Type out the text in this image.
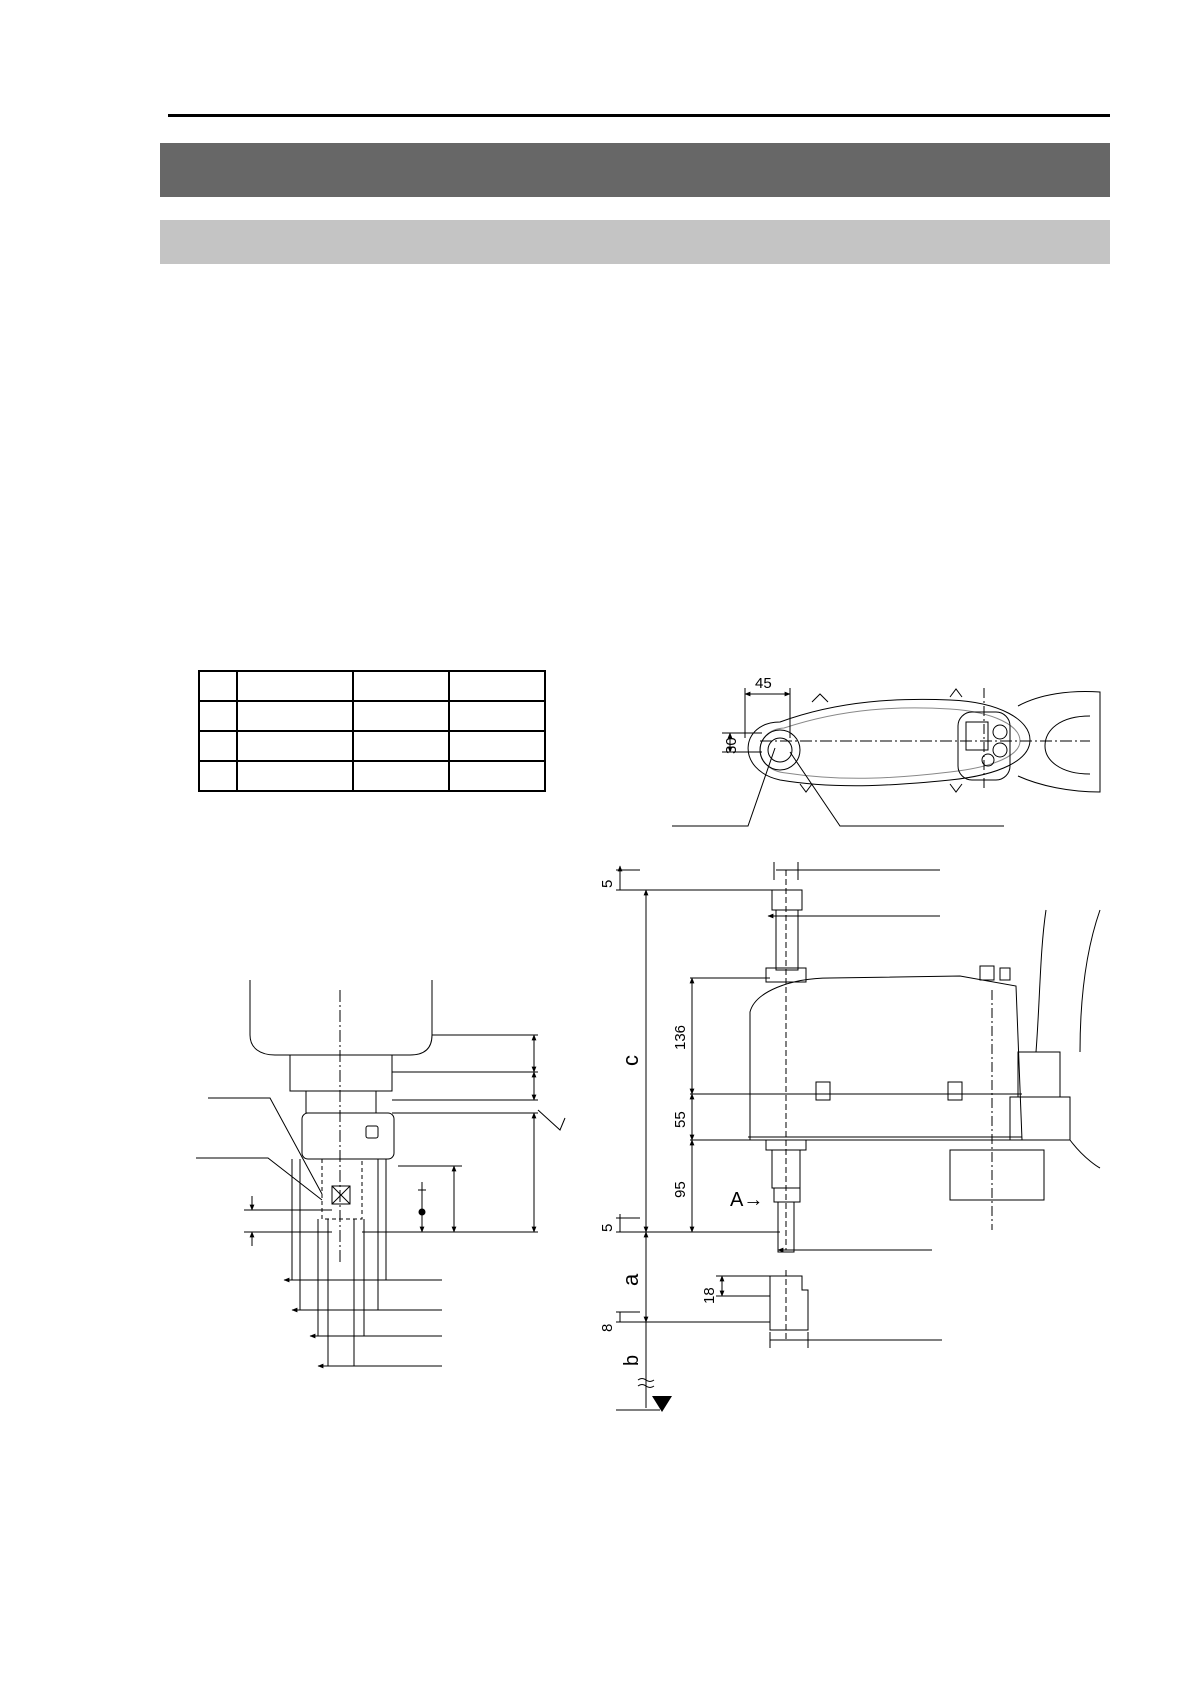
45
30
5
c
136
55
95
5
a
18
8
b
A→
